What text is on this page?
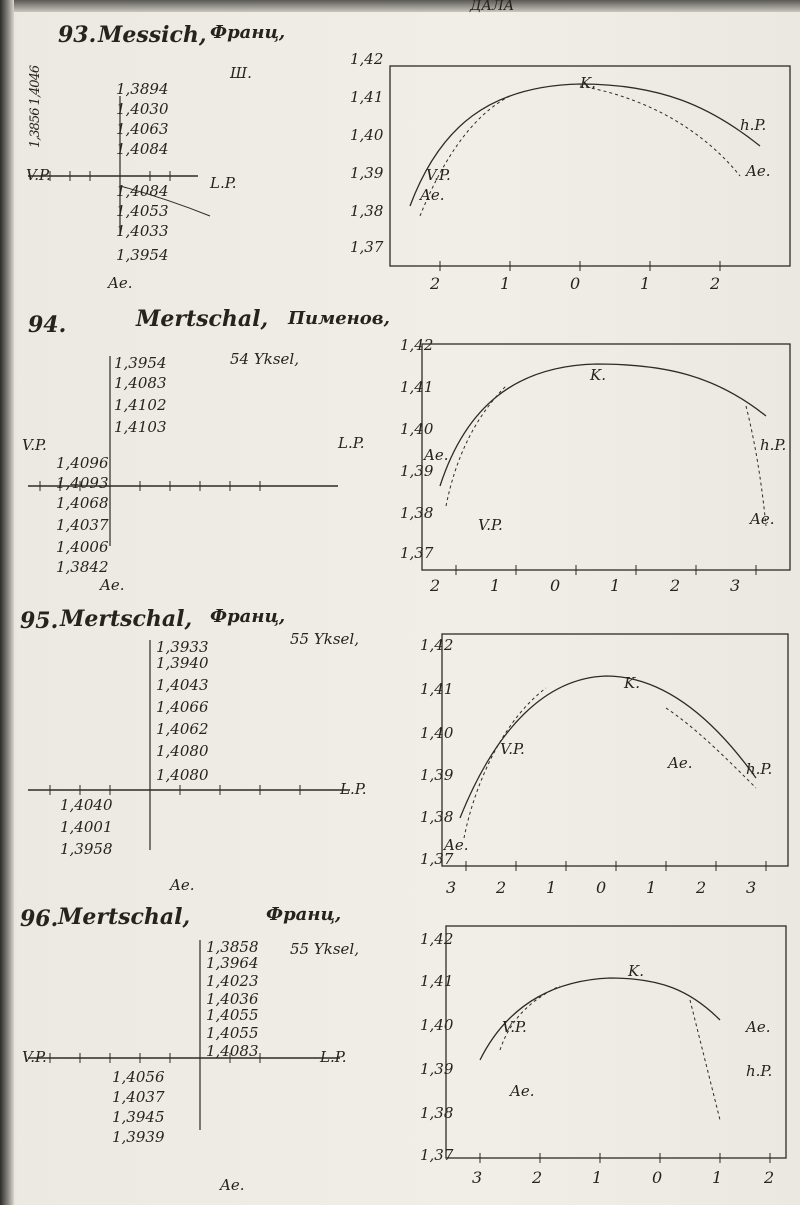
ДАЛА
93. Messich, Франц,
Ш.
1,3856 1,4046	1,3894
1,4030
1,4063
1,4084
1,4084
1,4053
1,4033
1,3954
V.P.	L.P.
Ae.
1,42
1,41
1,40
1,39
1,38
1,37
K.
V.P.
Ae.
h.P.
Ae.
2	1	0	1	2
94.	Mertschal, Пименов,
54 Yksel,
1,3954
1,4083
1,4102
1,4103
1,4096
1,4093
1,4068
1,4037
1,4006
1,3842
V.P.	L.P.
Ae.
1,42
1,41
1,40
1,39
1,38
1,37
K.
Ae.
V.P.
h.P.
Ae.
2	1	0	1	2	3
95. Mertschal, Франц,
55 Yksel,
1,3933
1,3940
1,4043
1,4066
1,4062
1,4080
1,4080
1,4040
1,4001
1,3958
L.P.
Ae.
1,42
1,41
1,40
1,39
1,38
1,37
K.
V.P.
Ae.	h.P.
Ae.
3 2 1 0 1 2 3
96. Mertschal,	Франц,
55 Yksel,
1,3858
1,3964
1,4023
1,4036
1,4055
1,4055
1,4083
1,4056
1,4037
1,3945
1,3939
V.P.	L.P.
Ae.
1,42
1,41
1,40
1,39
1,38
1,37
K.
V.P.	Ae.
h.P.
Ae.
3	2	1	0	1	2
